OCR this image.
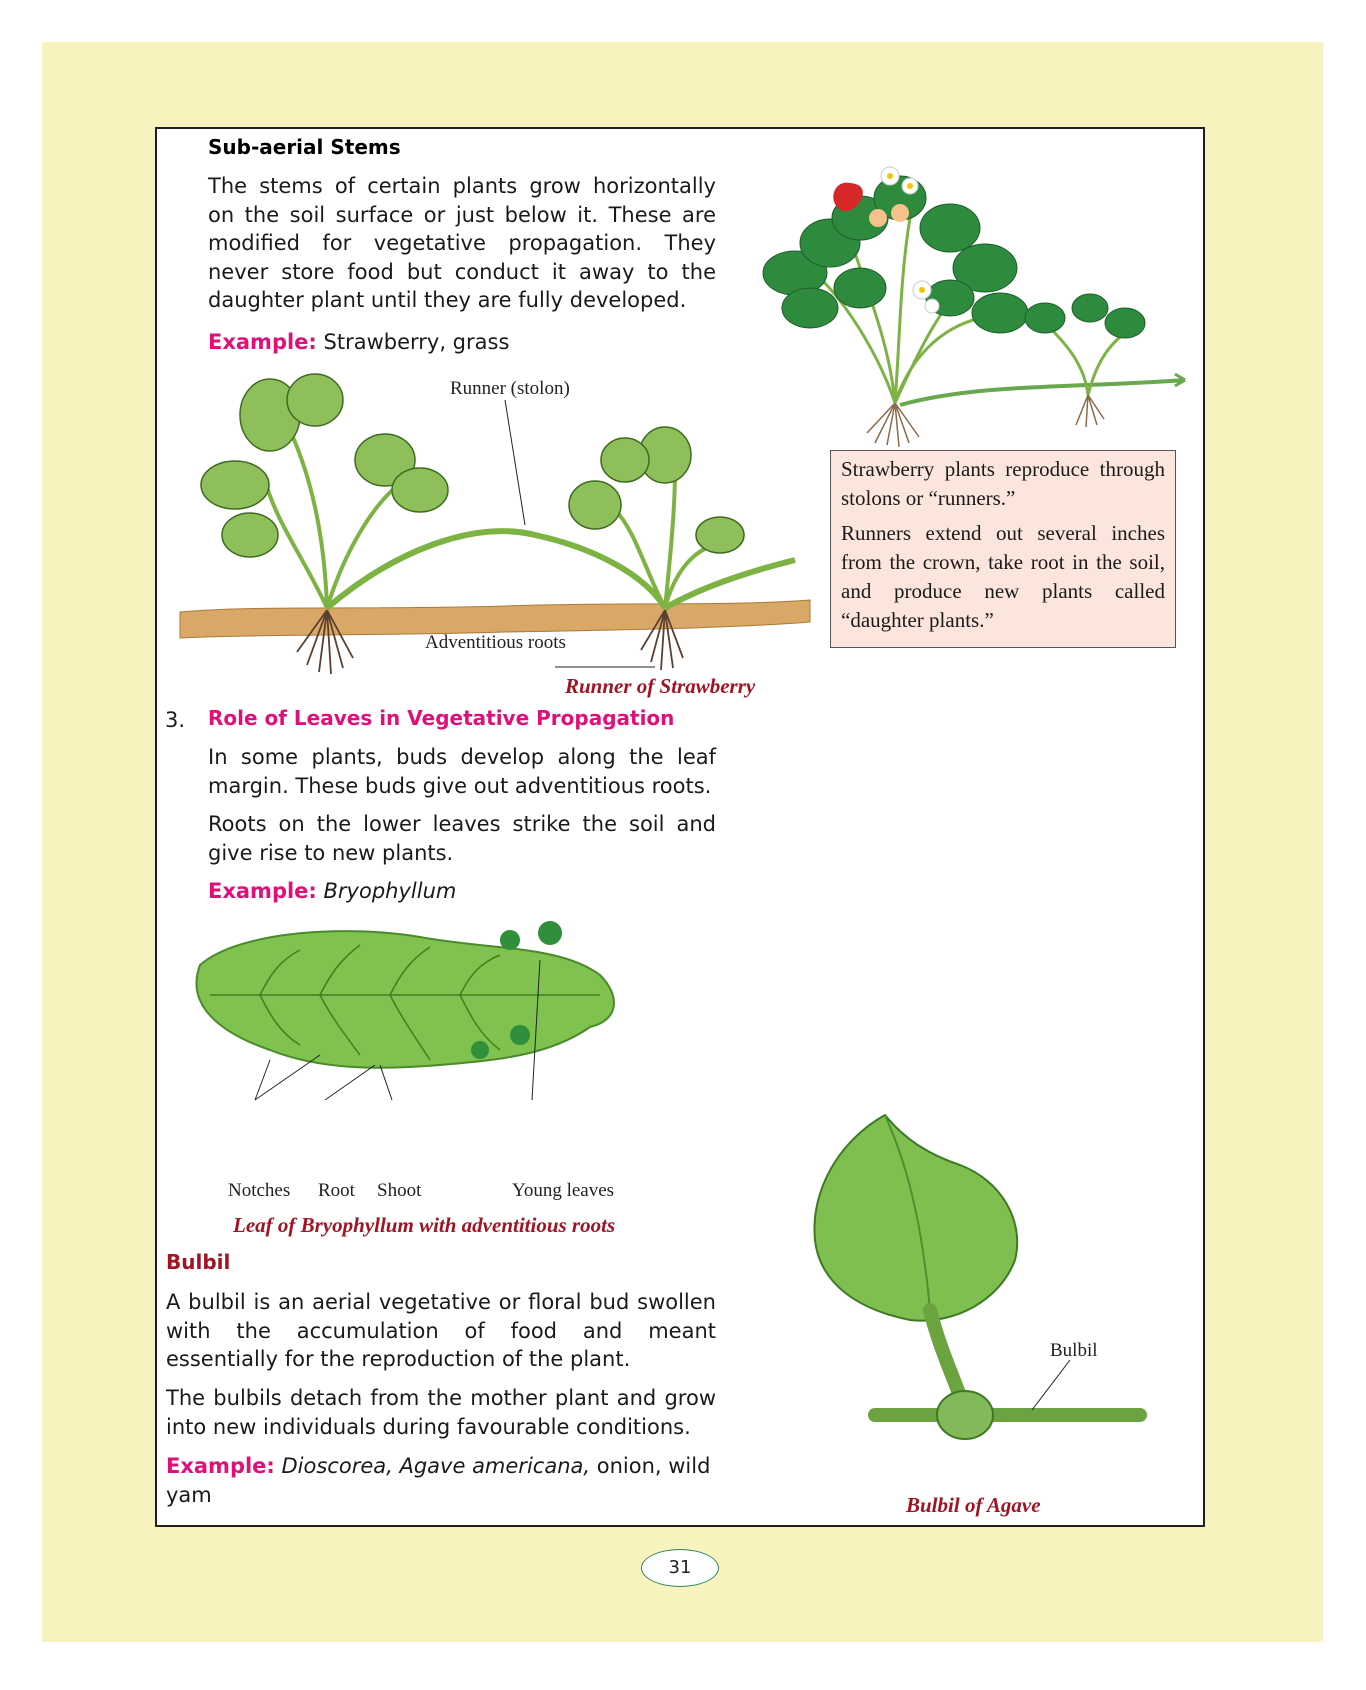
Sub-aerial Stems
The stems of certain plants grow horizontally on the soil surface or just below it. These are modified for vegetative propagation. They never store food but conduct it away to the daughter plant until they are fully developed.
Example: Strawberry, grass

Strawberry plants reproduce through stolons or “runners.”

Runners extend out several inches from the crown, take root in the soil, and produce new plants called “daughter plants.”

Runner (stolon)
Adventitious roots
Runner of Strawberry
3. Role of Leaves in Vegetative Propagation
In some plants, buds develop along the leaf margin. These buds give out adventitious roots.
Roots on the lower leaves strike the soil and give rise to new plants.
Example: Bryophyllum
Notches Root Shoot	Young leaves
Leaf of Bryophyllum with adventitious roots
Bulbil
A bulbil is an aerial vegetative or floral bud swollen with the accumulation of food and meant essentially for the reproduction of the plant.
The bulbils detach from the mother plant and grow into new individuals during favourable conditions.
Example: Dioscorea, Agave americana, onion, wild yam
Bulbil
Bulbil of Agave
31
